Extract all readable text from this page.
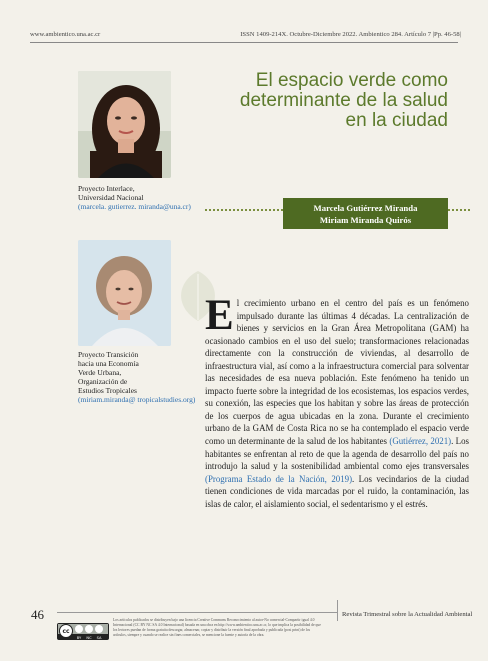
www.ambientico.una.ac.cr	ISSN 1409-214X. Octubre-Diciembre 2022. Ambientico 284. Artículo 7 |Pp. 46-58|
Proyecto Interlace,
Universidad Nacional
(marcela. gutierrez. miranda@una.cr)
Proyecto Transición
hacia una Economía
Verde Urbana,
Organización de
Estudios Tropicales
(miriam.miranda@ tropicalstudies.org)
El espacio verde como determinante de la salud en la ciudad
Marcela Gutiérrez Miranda
Miriam Miranda Quirós
El crecimiento urbano en el centro del país es un fenómeno impulsado durante las últimas 4 décadas. La centralización de bienes y servicios en la Gran Área Metropolitana (GAM) ha ocasionado cambios en el uso del suelo; transformaciones relacionadas directamente con la construcción de viviendas, al desarrollo de infraestructura vial, así como a la infraestructura comercial para solventar las necesidades de esa nueva población. Este fenómeno ha tenido un impacto fuerte sobre la integridad de los ecosistemas, los espacios verdes, su conexión, las especies que los habitan y sobre las áreas de protección de los cuerpos de agua ubicadas en la zona. Durante el crecimiento urbano de la GAM de Costa Rica no se ha contemplado el espacio verde como un determinante de la salud de los habitantes (Gutiérrez, 2021). Los habitantes se enfrentan al reto de que la agenda de desarrollo del país no introdujo la salud y la sostenibilidad ambiental como ejes transversales (Programa Estado de la Nación, 2019). Los vecindarios de la ciudad tienen condiciones de vida marcadas por el ruido, la contaminación, las islas de calor, el aislamiento social, el sedentarismo y el estrés.
46	Revista Trimestral sobre la Actualidad Ambiental
cc
BY NC SA
Los artículos publicados se distribuyen bajo una licencia Creative Commons Reconocimiento al autor-No comercial-Compartir igual 4.0 Internacional (CC BY NC SA 4.0 Internacional) basada en una obra en http://www.ambientico.una.ac.cr, lo que implica la posibilidad de que los lectores puedan de forma gratuita descargar, almacenar, copiar y distribuir la versión final aprobada y publicada (post print) de los artículos, siempre y cuando se realice sin fines comerciales, se mencione la fuente y autoría de la obra.
